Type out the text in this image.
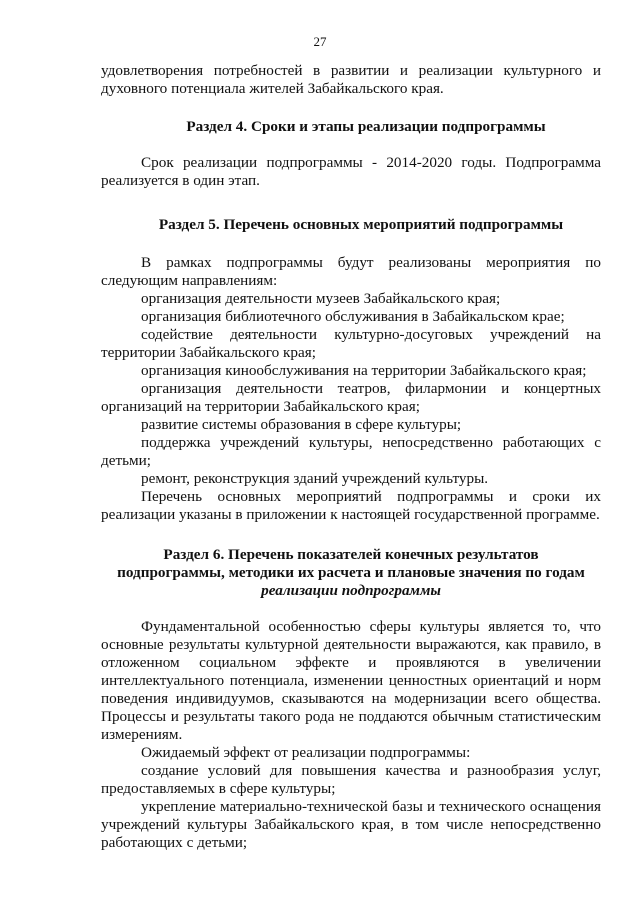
27

удовлетворения потребностей в развитии и реализации культурного и духовного потенциала жителей Забайкальского края.

Раздел 4. Сроки и этапы реализации подпрограммы

Срок реализации подпрограммы - 2014-2020 годы. Подпрограмма реализуется в один этап.

Раздел 5. Перечень основных мероприятий подпрограммы

В рамках подпрограммы будут реализованы мероприятия по следующим направлениям:

организация деятельности музеев Забайкальского края;

организация библиотечного обслуживания в Забайкальском крае;

содействие деятельности культурно-досуговых учреждений на территории Забайкальского края;

организация кинообслуживания на территории Забайкальского края;

организация деятельности театров, филармонии и концертных организаций на территории Забайкальского края;

развитие системы образования в сфере культуры;

поддержка учреждений культуры, непосредственно работающих с детьми;

ремонт, реконструкция зданий учреждений культуры.

Перечень основных мероприятий подпрограммы и сроки их реализации указаны в приложении к настоящей государственной программе.

Раздел 6. Перечень показателей конечных результатов
подпрограммы, методики их расчета и плановые значения по годам
реализации подпрограммы

Фундаментальной особенностью сферы культуры является то, что основные результаты культурной деятельности выражаются, как правило, в отложенном социальном эффекте и проявляются в увеличении интеллектуального потенциала, изменении ценностных ориентаций и норм поведения индивидуумов, сказываются на модернизации всего общества. Процессы и результаты такого рода не поддаются обычным статистическим измерениям.

Ожидаемый эффект от реализации подпрограммы:

создание условий для повышения качества и разнообразия услуг, предоставляемых в сфере культуры;

укрепление материально-технической базы и технического оснащения учреждений культуры Забайкальского края, в том числе непосредственно работающих с детьми;
